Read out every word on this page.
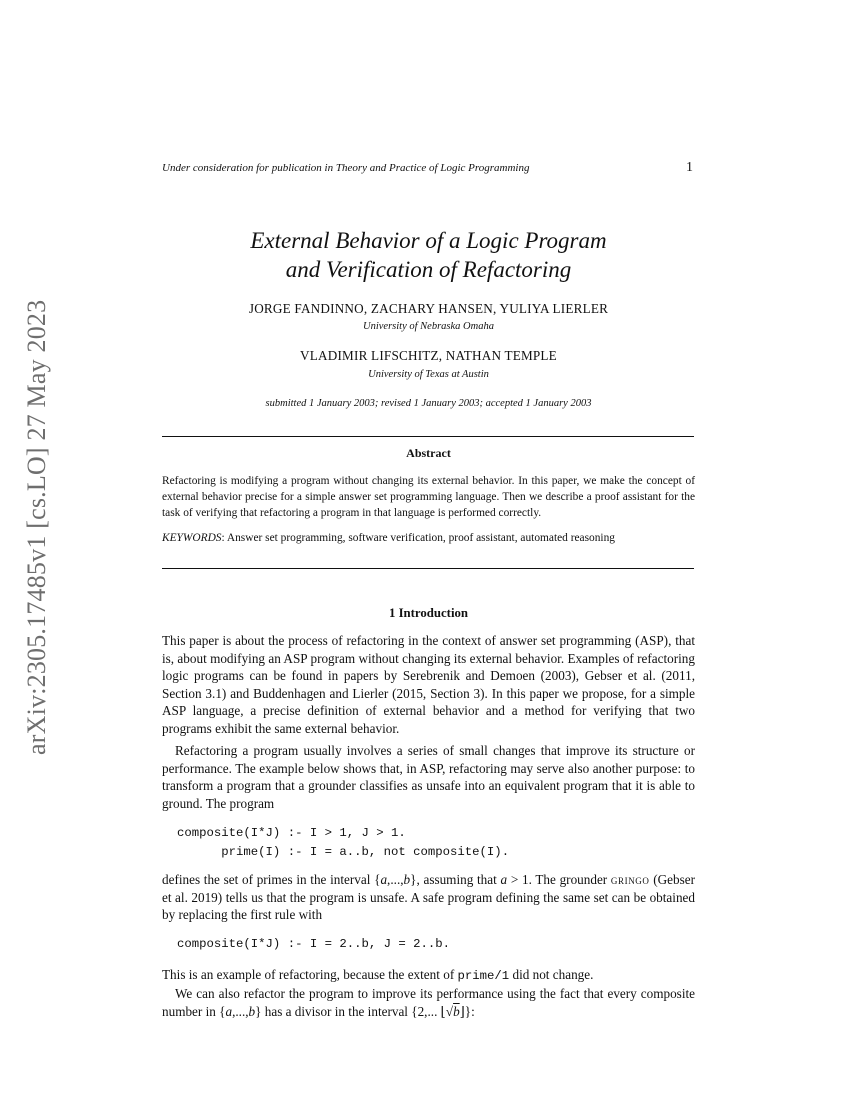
arXiv:2305.17485v1 [cs.LO] 27 May 2023
Under consideration for publication in Theory and Practice of Logic Programming	1
External Behavior of a Logic Program
and Verification of Refactoring
JORGE FANDINNO, ZACHARY HANSEN, YULIYA LIERLER
University of Nebraska Omaha
VLADIMIR LIFSCHITZ, NATHAN TEMPLE
University of Texas at Austin
submitted 1 January 2003; revised 1 January 2003; accepted 1 January 2003
Abstract
Refactoring is modifying a program without changing its external behavior. In this paper, we make the concept of external behavior precise for a simple answer set programming language. Then we describe a proof assistant for the task of verifying that refactoring a program in that language is performed correctly.
KEYWORDS: Answer set programming, software verification, proof assistant, automated reasoning
1 Introduction
This paper is about the process of refactoring in the context of answer set programming (ASP), that is, about modifying an ASP program without changing its external behavior. Examples of refactoring logic programs can be found in papers by Serebrenik and Demoen (2003), Gebser et al. (2011, Section 3.1) and Buddenhagen and Lierler (2015, Section 3). In this paper we propose, for a simple ASP language, a precise definition of external behavior and a method for verifying that two programs exhibit the same external behavior.
Refactoring a program usually involves a series of small changes that improve its structure or performance. The example below shows that, in ASP, refactoring may serve also another purpose: to transform a program that a grounder classifies as unsafe into an equivalent program that it is able to ground. The program
composite(I*J) :- I > 1, J > 1.
prime(I) :- I = a..b, not composite(I).
defines the set of primes in the interval {a,...,b}, assuming that a > 1. The grounder gringo (Gebser et al. 2019) tells us that the program is unsafe. A safe program defining the same set can be obtained by replacing the first rule with
composite(I*J) :- I = 2..b, J = 2..b.
This is an example of refactoring, because the extent of prime/1 did not change.
We can also refactor the program to improve its performance using the fact that every composite number in {a,...,b} has a divisor in the interval {2,... ⌊√b⌋}:
